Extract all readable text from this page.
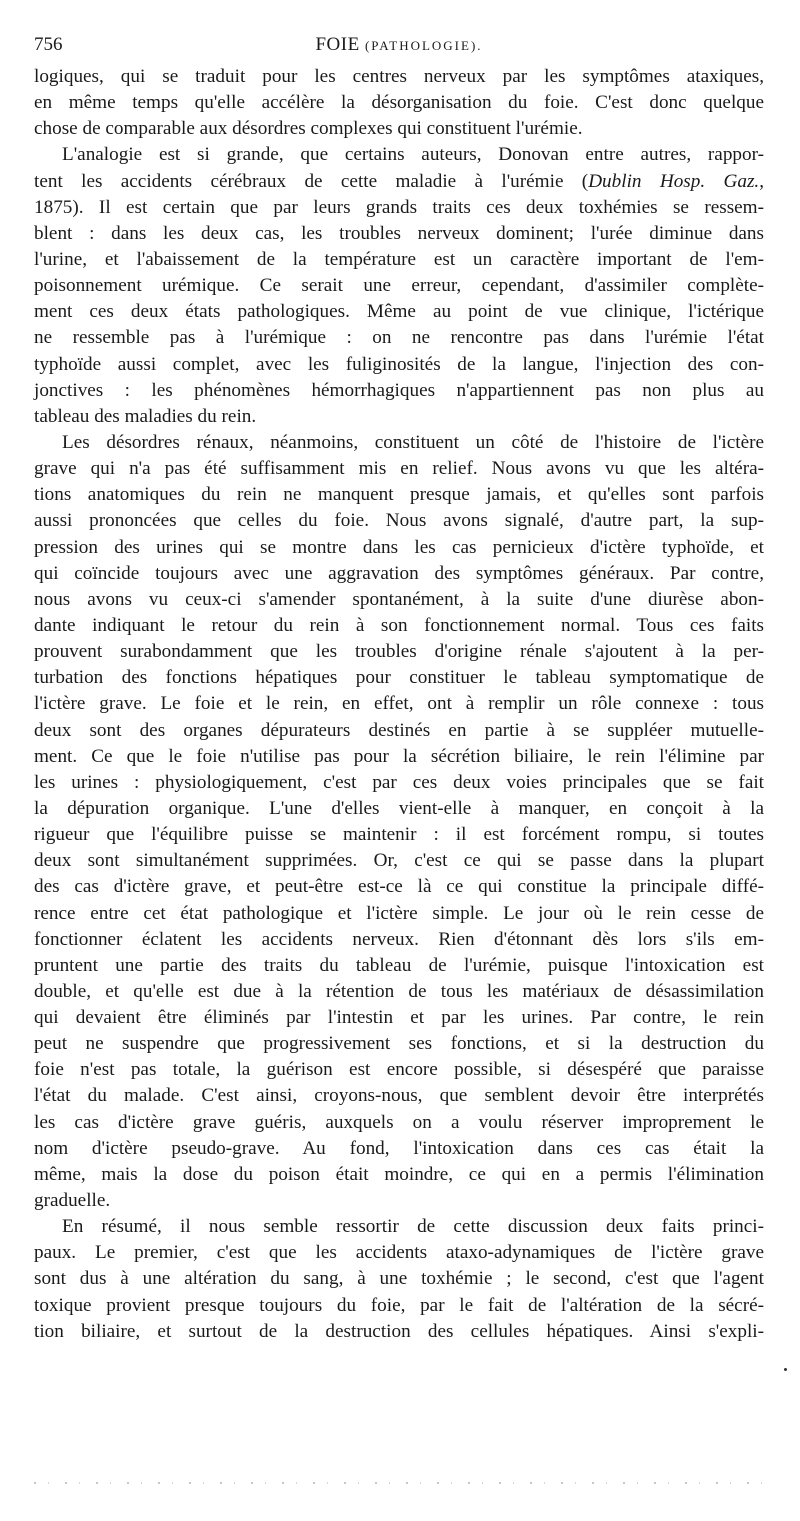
756	FOIE (PATHOLOGIE).
logiques, qui se traduit pour les centres nerveux par les symptômes ataxiques,
en même temps qu'elle accélère la désorganisation du foie. C'est donc quelque
chose de comparable aux désordres complexes qui constituent l'urémie.
L'analogie est si grande, que certains auteurs, Donovan entre autres, rappor-
tent les accidents cérébraux de cette maladie à l'urémie (Dublin Hosp. Gaz.,
1875). Il est certain que par leurs grands traits ces deux toxhémies se ressem-
blent : dans les deux cas, les troubles nerveux dominent; l'urée diminue dans
l'urine, et l'abaissement de la température est un caractère important de l'em-
poisonnement urémique. Ce serait une erreur, cependant, d'assimiler complète-
ment ces deux états pathologiques. Même au point de vue clinique, l'ictérique
ne ressemble pas à l'urémique : on ne rencontre pas dans l'urémie l'état
typhoïde aussi complet, avec les fuliginosités de la langue, l'injection des con-
jonctives : les phénomènes hémorrhagiques n'appartiennent pas non plus au
tableau des maladies du rein.
Les désordres rénaux, néanmoins, constituent un côté de l'histoire de l'ictère
grave qui n'a pas été suffisamment mis en relief. Nous avons vu que les altéra-
tions anatomiques du rein ne manquent presque jamais, et qu'elles sont parfois
aussi prononcées que celles du foie. Nous avons signalé, d'autre part, la sup-
pression des urines qui se montre dans les cas pernicieux d'ictère typhoïde, et
qui coïncide toujours avec une aggravation des symptômes généraux. Par contre,
nous avons vu ceux-ci s'amender spontanément, à la suite d'une diurèse abon-
dante indiquant le retour du rein à son fonctionnement normal. Tous ces faits
prouvent surabondamment que les troubles d'origine rénale s'ajoutent à la per-
turbation des fonctions hépatiques pour constituer le tableau symptomatique de
l'ictère grave. Le foie et le rein, en effet, ont à remplir un rôle connexe : tous
deux sont des organes dépurateurs destinés en partie à se suppléer mutuelle-
ment. Ce que le foie n'utilise pas pour la sécrétion biliaire, le rein l'élimine par
les urines : physiologiquement, c'est par ces deux voies principales que se fait
la dépuration organique. L'une d'elles vient-elle à manquer, en conçoit à la
rigueur que l'équilibre puisse se maintenir : il est forcément rompu, si toutes
deux sont simultanément supprimées. Or, c'est ce qui se passe dans la plupart
des cas d'ictère grave, et peut-être est-ce là ce qui constitue la principale diffé-
rence entre cet état pathologique et l'ictère simple. Le jour où le rein cesse de
fonctionner éclatent les accidents nerveux. Rien d'étonnant dès lors s'ils em-
pruntent une partie des traits du tableau de l'urémie, puisque l'intoxication est
double, et qu'elle est due à la rétention de tous les matériaux de désassimilation
qui devaient être éliminés par l'intestin et par les urines. Par contre, le rein
peut ne suspendre que progressivement ses fonctions, et si la destruction du
foie n'est pas totale, la guérison est encore possible, si désespéré que paraisse
l'état du malade. C'est ainsi, croyons-nous, que semblent devoir être interprétés
les cas d'ictère grave guéris, auxquels on a voulu réserver improprement le
nom d'ictère pseudo-grave. Au fond, l'intoxication dans ces cas était la
même, mais la dose du poison était moindre, ce qui en a permis l'élimination
graduelle.
En résumé, il nous semble ressortir de cette discussion deux faits princi-
paux. Le premier, c'est que les accidents ataxo-adynamiques de l'ictère grave
sont dus à une altération du sang, à une toxhémie ; le second, c'est que l'agent
toxique provient presque toujours du foie, par le fait de l'altération de la sécré-
tion biliaire, et surtout de la destruction des cellules hépatiques. Ainsi s'expli-
